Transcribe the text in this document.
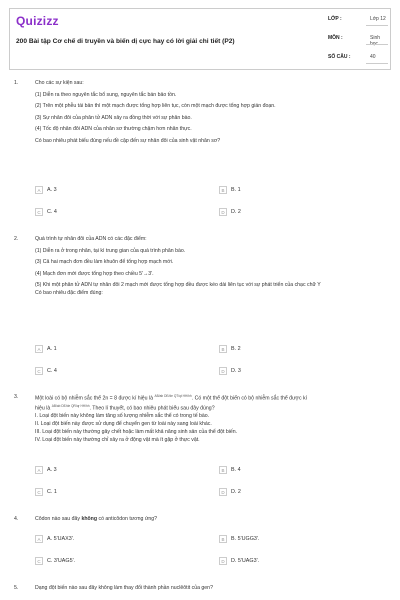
Quizizz
200 Bài tập Cơ chế di truyền và biến dị cực hay có lời giải chi tiết (P2)
LỚP :	Lớp 12
MÔN :	Sinh học
SỐ CÂU :	40
1.	Cho các sự kiện sau:
(1) Diễn ra theo nguyên tắc bổ sung, nguyên tắc bán bảo tồn.
(2) Trên một phễu tái bản thì một mạch được tổng hợp liên tục, còn một mạch được tổng hợp gián đoạn.
(3) Sự nhân đôi của phân tử ADN xảy ra đồng thời với sự phân bào.
(4) Tốc độ nhân đôi ADN của nhân sơ thường chậm hơn nhân thực.
Có bao nhiêu phát biểu đúng nếu đề cập đến sự nhân đôi của sinh vật nhân sơ?
A	A. 3	B	B. 1
C	C. 4	D	D. 2
2.	Quá trình tự nhân đôi của ADN có các đặc điểm:
(1) Diễn ra ở trong nhân, tại kì trung gian của quá trình phân bào.
(3) Cả hai mạch đơn đều làm khuôn để tổng hợp mạch mới.
(4) Mạch đơn mới được tổng hợp theo chiều 5'→3'.
(5) Khi một phân tử ADN tự nhân đôi 2 mạch mới được tổng hợp đều được kéo dài liên tục với sự phát triển của chạc chữ Y
Có bao nhiêu đặc điểm đúng:
A	A. 1	B	B. 2
C	C. 4	D	D. 3
3.	Một loài có bộ nhiễm sắc thể 2n = 8 được kí hiệu là $^{AB/ab DE/de QT/qt HH/hh}$. Có một thể đột biến có bộ nhiễm sắc thể được kí
hiệu là $^{AB/ab DE/de QR/qr HH/hh}$. Theo lí thuyết, có bao nhiêu phát biểu sau đây đúng?
I. Loại đột biến này không làm tăng số lượng nhiễm sắc thể có trong tế bào.
II. Loại đột biến này được sử dụng để chuyển gen từ loài này sang loài khác.
III. Loại đột biến này thường gây chết hoặc làm mất khả năng sinh sản của thể đột biến.
IV. Loại đột biến này thường chỉ xảy ra ở động vật mà ít gặp ở thực vật.
A	A. 3	B	B. 4
C	C. 1	D	D. 2
4.	Côdon nào sau đây không có anticôdon tương ứng?
A	A. 5'UAX3'.	B	B. 5'UGG3'.
C	C. 3'UAG5'.	D	D. 5'UAG3'.
5.	Dạng đột biến nào sau đây không làm thay đổi thành phần nuclêôtit của gen?
